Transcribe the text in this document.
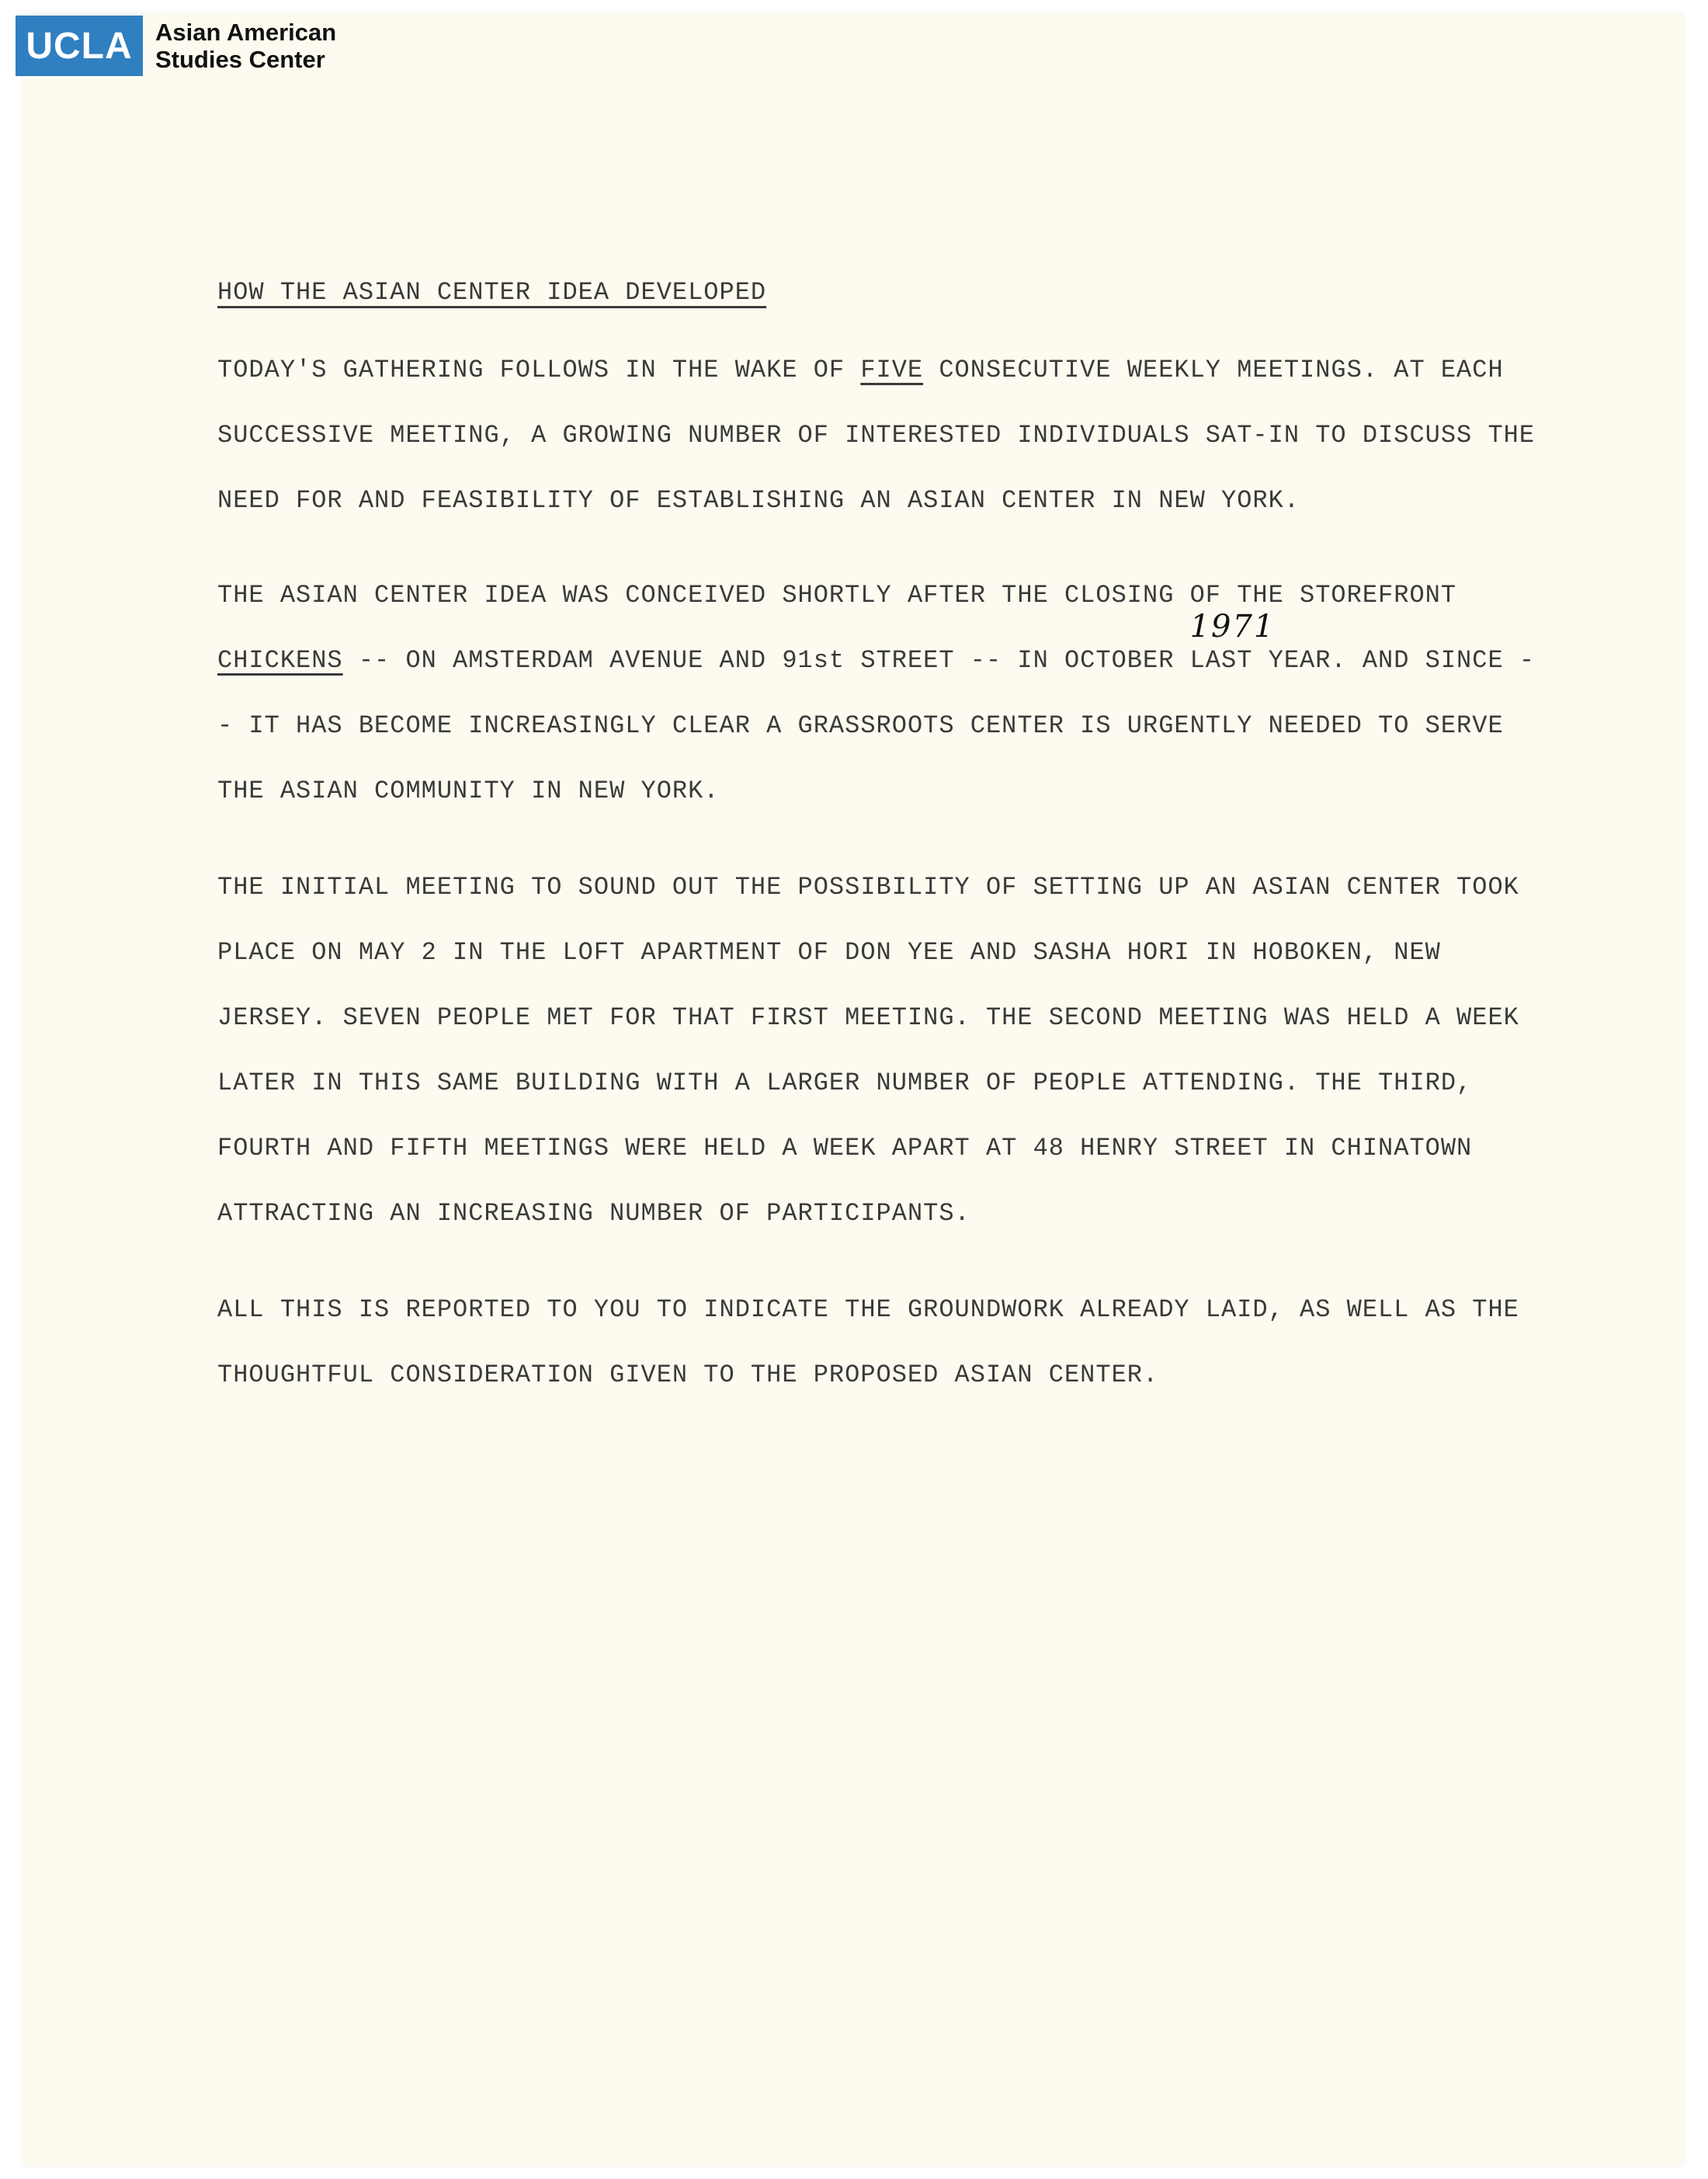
UCLA Asian American
Studies Center
HOW THE ASIAN CENTER IDEA DEVELOPED

TODAY'S GATHERING FOLLOWS IN THE WAKE OF FIVE CONSECUTIVE WEEKLY MEETINGS. AT EACH SUCCESSIVE MEETING, A GROWING NUMBER OF INTERESTED INDIVIDUALS SAT-IN TO DISCUSS THE NEED FOR AND FEASIBILITY OF ESTABLISHING AN ASIAN CENTER IN NEW YORK.

THE ASIAN CENTER IDEA WAS CONCEIVED SHORTLY AFTER THE CLOSING OF THE STOREFRONT CHICKENS -- ON AMSTERDAM AVENUE AND 91st STREET -- IN OCTOBER
1971
LAST YEAR. AND SINCE -- IT HAS BECOME INCREASINGLY CLEAR A GRASSROOTS CENTER IS URGENTLY NEEDED TO SERVE THE ASIAN COMMUNITY IN NEW YORK.

THE INITIAL MEETING TO SOUND OUT THE POSSIBILITY OF SETTING UP AN ASIAN CENTER TOOK PLACE ON MAY 2 IN THE LOFT APARTMENT OF DON YEE AND SASHA HORI IN HOBOKEN, NEW JERSEY. SEVEN PEOPLE MET FOR THAT FIRST MEETING. THE SECOND MEETING WAS HELD A WEEK LATER IN THIS SAME BUILDING WITH A LARGER NUMBER OF PEOPLE ATTENDING. THE THIRD, FOURTH AND FIFTH MEETINGS WERE HELD A WEEK APART AT 48 HENRY STREET IN CHINATOWN ATTRACTING AN INCREASING NUMBER OF PARTICIPANTS.

ALL THIS IS REPORTED TO YOU TO INDICATE THE GROUNDWORK ALREADY LAID, AS WELL AS THE THOUGHTFUL CONSIDERATION GIVEN TO THE PROPOSED ASIAN CENTER.
